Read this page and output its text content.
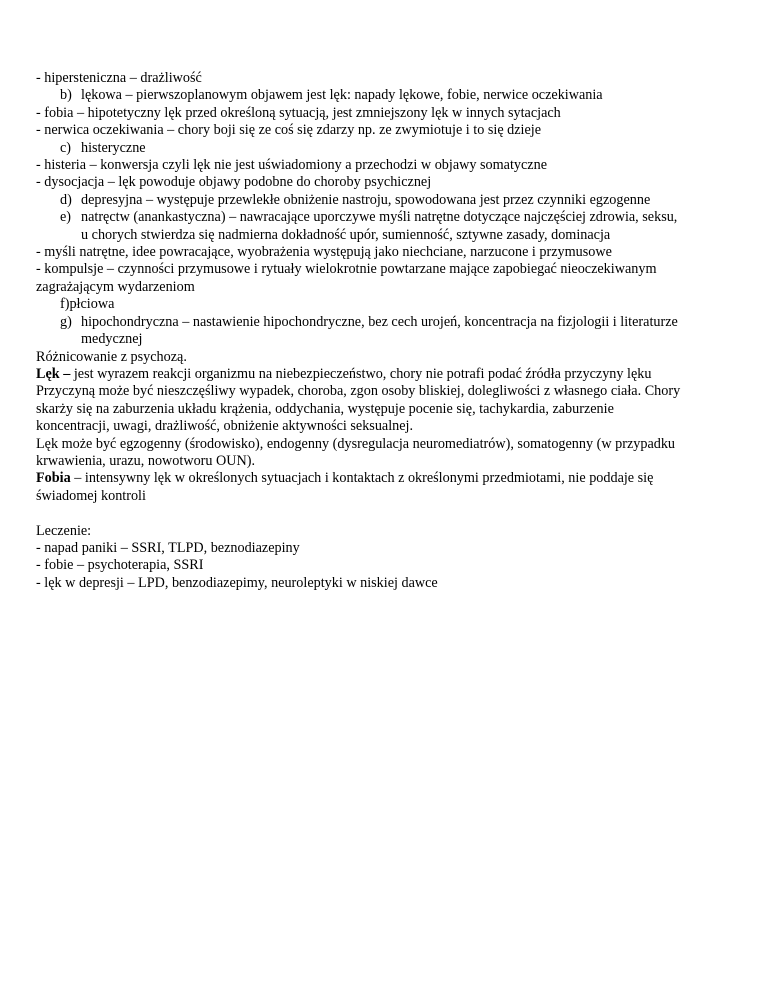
- hipersteniczna – drażliwość
b) lękowa – pierwszoplanowym objawem jest lęk: napady lękowe, fobie, nerwice oczekiwania
- fobia – hipotetyczny lęk przed określoną sytuacją, jest zmniejszony lęk w innych sytacjach
- nerwica oczekiwania – chory boji się ze coś się zdarzy np. ze zwymiotuje i to się dzieje
c) histeryczne
- histeria – konwersja czyli lęk nie jest uświadomiony a przechodzi w objawy somatyczne
- dysocjacja – lęk powoduje objawy podobne do choroby psychicznej
d) depresyjna – występuje przewlekłe obniżenie nastroju, spowodowana jest przez czynniki egzogenne
e) natręctw (anankastyczna) – nawracające uporczywe myśli natrętne dotyczące najczęściej zdrowia, seksu,
u chorych stwierdza się nadmierna dokładność upór, sumienność, sztywne zasady, dominacja
- myśli natrętne, idee powracające, wyobrażenia występują jako niechciane, narzucone i przymusowe
- kompulsje – czynności przymusowe i rytuały wielokrotnie powtarzane mające zapobiegać nieoczekiwanym
zagrażającym wydarzeniom
f)płciowa
g) hipochondryczna – nastawienie hipochondryczne, bez cech urojeń, koncentracja na fizjologii i literaturze
medycznej
Różnicowanie z psychozą.
Lęk – jest wyrazem reakcji organizmu na niebezpieczeństwo, chory nie potrafi podać źródła przyczyny lęku
Przyczyną może być nieszczęśliwy wypadek, choroba, zgon osoby bliskiej, dolegliwości z własnego ciała. Chory
skarży się na zaburzenia układu krążenia, oddychania, występuje pocenie się, tachykardia, zaburzenie
koncentracji, uwagi, drażliwość, obniżenie aktywności seksualnej.
Lęk może być egzogenny (środowisko), endogenny (dysregulacja neuromediatrów), somatogenny (w przypadku
krwawienia, urazu, nowotworu OUN).
Fobia – intensywny lęk w określonych sytuacjach i kontaktach z określonymi przedmiotami, nie poddaje się
świadomej kontroli
Leczenie:
- napad paniki – SSRI, TLPD, beznodiazepiny
- fobie – psychoterapia, SSRI
- lęk w depresji – LPD, benzodiazepimy, neuroleptyki w niskiej dawce
